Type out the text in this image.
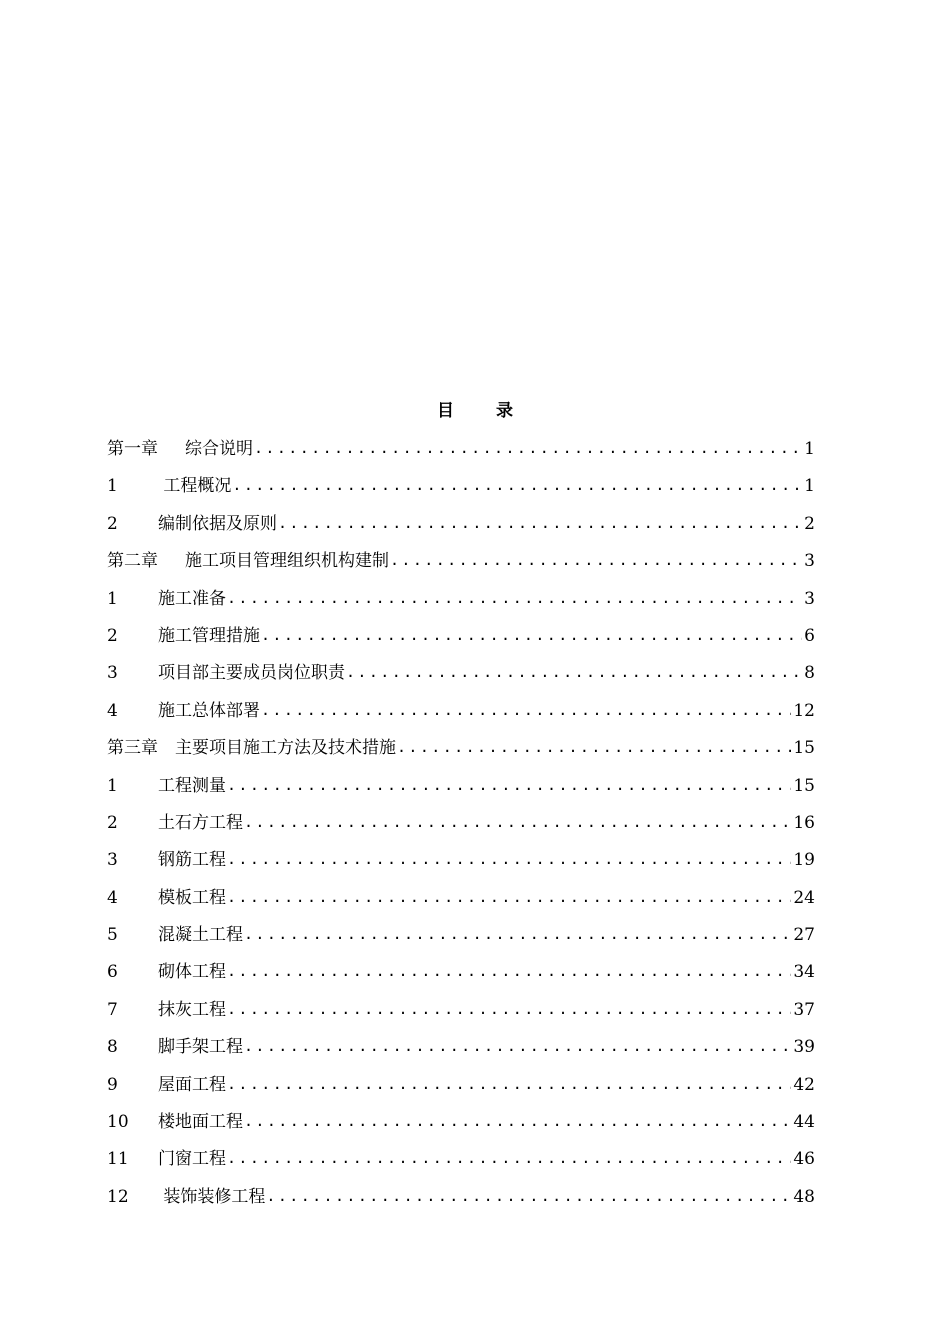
目 录
第一章	综合说明 .....	1
1	工程概况 .....	1
2	编制依据及原则 .....	2
第二章	施工项目管理组织机构建制 .....	3
1	施工准备 .....	3
2	施工管理措施 .....	6
3	项目部主要成员岗位职责 .....	8
4	施工总体部署 .....	12
第三章	主要项目施工方法及技术措施 .....	15
1	工程测量 .....	15
2	土石方工程 .....	16
3	钢筋工程 .....	19
4	模板工程 .....	24
5	混凝土工程 .....	27
6	砌体工程 .....	34
7	抹灰工程 .....	37
8	脚手架工程 .....	39
9	屋面工程 .....	42
10	楼地面工程 .....	44
11	门窗工程 .....	46
12	装饰装修工程 .....	48
